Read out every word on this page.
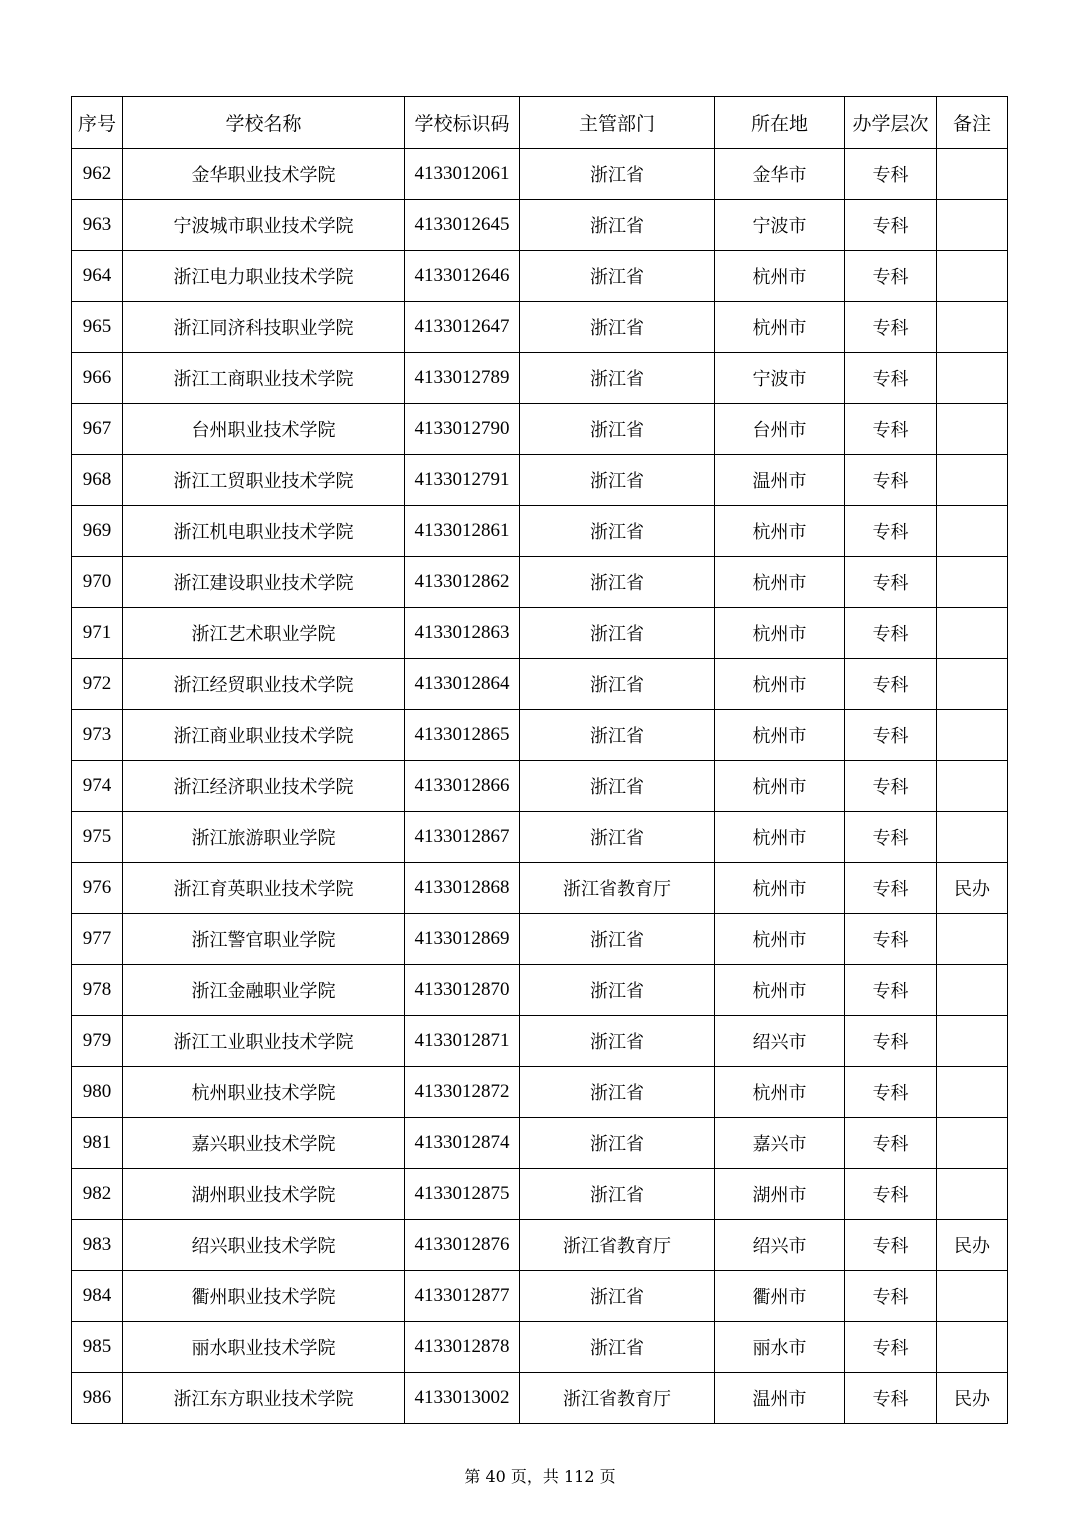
序号	学校名称	学校标识码	主管部门	所在地	办学层次	备注
962	金华职业技术学院	4133012061	浙江省	金华市	专科	
963	宁波城市职业技术学院	4133012645	浙江省	宁波市	专科	
964	浙江电力职业技术学院	4133012646	浙江省	杭州市	专科	
965	浙江同济科技职业学院	4133012647	浙江省	杭州市	专科	
966	浙江工商职业技术学院	4133012789	浙江省	宁波市	专科	
967	台州职业技术学院	4133012790	浙江省	台州市	专科	
968	浙江工贸职业技术学院	4133012791	浙江省	温州市	专科	
969	浙江机电职业技术学院	4133012861	浙江省	杭州市	专科	
970	浙江建设职业技术学院	4133012862	浙江省	杭州市	专科	
971	浙江艺术职业学院	4133012863	浙江省	杭州市	专科	
972	浙江经贸职业技术学院	4133012864	浙江省	杭州市	专科	
973	浙江商业职业技术学院	4133012865	浙江省	杭州市	专科	
974	浙江经济职业技术学院	4133012866	浙江省	杭州市	专科	
975	浙江旅游职业学院	4133012867	浙江省	杭州市	专科	
976	浙江育英职业技术学院	4133012868	浙江省教育厅	杭州市	专科	民办
977	浙江警官职业学院	4133012869	浙江省	杭州市	专科	
978	浙江金融职业学院	4133012870	浙江省	杭州市	专科	
979	浙江工业职业技术学院	4133012871	浙江省	绍兴市	专科	
980	杭州职业技术学院	4133012872	浙江省	杭州市	专科	
981	嘉兴职业技术学院	4133012874	浙江省	嘉兴市	专科	
982	湖州职业技术学院	4133012875	浙江省	湖州市	专科	
983	绍兴职业技术学院	4133012876	浙江省教育厅	绍兴市	专科	民办
984	衢州职业技术学院	4133012877	浙江省	衢州市	专科	
985	丽水职业技术学院	4133012878	浙江省	丽水市	专科	
986	浙江东方职业技术学院	4133013002	浙江省教育厅	温州市	专科	民办
第 40 页，共 112 页
